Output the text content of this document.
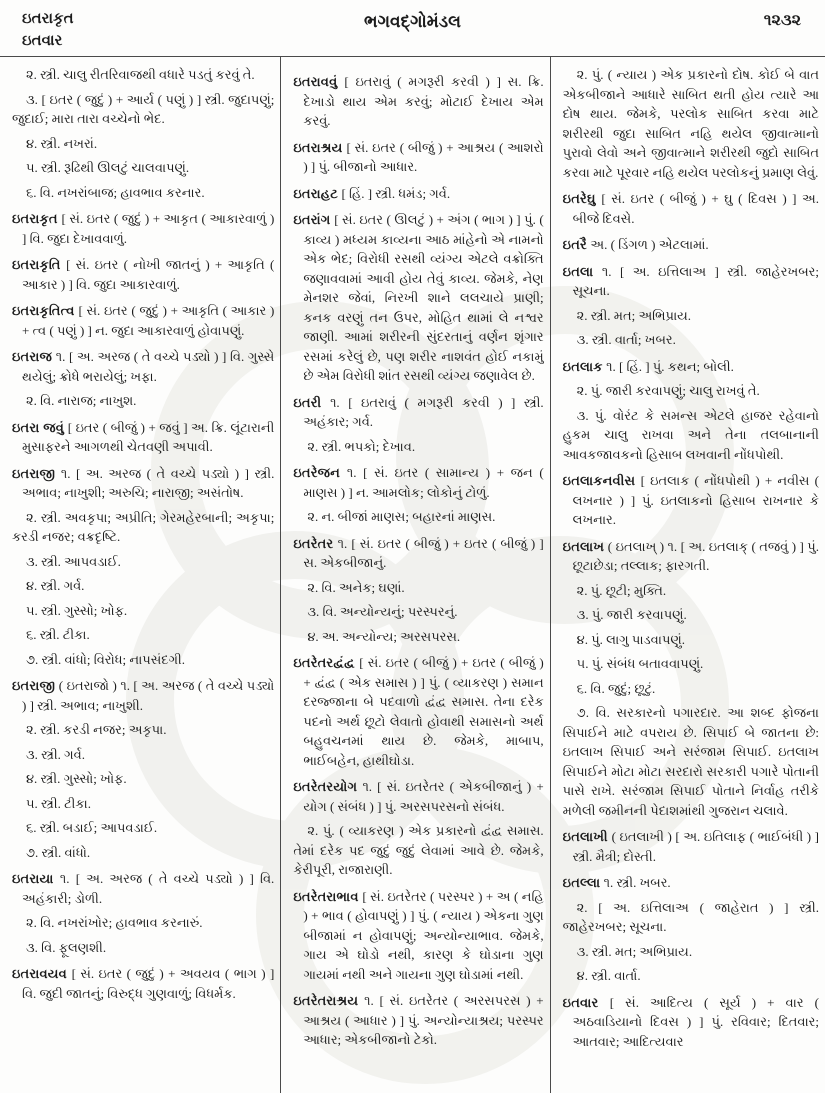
ઇતરાકૃત
ઇતવાર
ભગવદ્ગોમંડલ	૧૨૩૨

૨. સ્ત્રી. ચાલુ રીતરિવાજથી વધારે પડતું કરવું તે.

૩. [ ઇતર ( જુદું ) + આર્ય ( પણું ) ] સ્ત્રી. જુદાપણું; જુદાઈ; મારા તારા વચ્ચેનો ભેદ.

૪. સ્ત્રી. નખરાં.

૫. સ્ત્રી. રૂઢિથી ઊલટું ચાલવાપણું.

૬. વિ. નખરાંબાજ; હાવભાવ કરનાર.

ઇતરાકૃત [ સં. ઇતર ( જુદું ) + આકૃત ( આકારવાળું ) ] વિ. જુદા દેખાવવાળું.

ઇતરાકૃતિ [ સં. ઇતર ( નોખી જાતનું ) + આકૃતિ ( આકાર ) ] વિ. જુદા આકારવાળું.

ઇતરાકૃતિત્વ [ સં. ઇતર ( જુદું ) + આકૃતિ ( આકાર ) + ત્વ ( પણું ) ] ન. જુદા આકારવાળું હોવાપણું.

ઇતરાજ ૧. [ અ. અરજ ( તે વચ્ચે પડ્યો ) ] વિ. ગુસ્સે થયેલું; ક્રોધે ભરાયેલું; ખફા.

૨. વિ. નારાજ; નાખુશ.

ઇતરા જવું [ ઇતર ( બીજું ) + જવું ] અ. ક્રિ. લૂંટારાની મુસાફરને આગળથી ચેતવણી અપાવી.

ઇતરાજી ૧. [ અ. અરજ ( તે વચ્ચે પડ્યો ) ] સ્ત્રી. અભાવ; નાખુશી; અરુચિ; નારાજી; અસંતોષ.

૨. સ્ત્રી. અવકૃપા; અપ્રીતિ; ગેરમહેરબાની; અકૃપા; કરડી નજર; વક્રદૃષ્ટિ.

૩. સ્ત્રી. આપવડાઈ.

૪. સ્ત્રી. ગર્વ.

૫. સ્ત્રી. ગુસ્સો; ખોફ.

૬. સ્ત્રી. ટીકા.

૭. સ્ત્રી. વાંધો; વિરોધ; નાપસંદગી.

ઇતરાજી ( ઇતરાજો ) ૧. [ અ. અરજ ( તે વચ્ચે પડ્યો ) ] સ્ત્રી. અભાવ; નાખુશી.

૨. સ્ત્રી. કરડી નજર; અકૃપા.

૩. સ્ત્રી. ગર્વ.

૪. સ્ત્રી. ગુસ્સો; ખોફ.

૫. સ્ત્રી. ટીકા.

૬. સ્ત્રી. બડાઈ; આપવડાઈ.

૭. સ્ત્રી. વાંધો.

ઇતરાયા ૧. [ અ. અરજ ( તે વચ્ચે પડ્યો ) ] વિ. અહંકારી; ડોળી.

૨. વિ. નખરાંખોર; હાવભાવ કરનારું.

૩. વિ. ફૂલણશી.

ઇતરાવયવ [ સં. ઇતર ( જુદું ) + અવયવ ( ભાગ ) ] વિ. જુદી જાતનું; વિરુદ્ધ ગુણવાળું; વિધર્મક.

ઇતરાવવું [ ઇતરાવું ( મગરૂરી કરવી ) ] સ. ક્રિ. દેખાડો થાય એમ કરવું; મોટાઈ દેખાય એમ કરવું.

ઇતરાશ્રય [ સં. ઇતર ( બીજું ) + આશ્રય ( આશરો ) ] પું. બીજાનો આધાર.

ઇતરાહટ [ હિં. ] સ્ત્રી. ધમંડ; ગર્વ.

ઇતરાંગ [ સં. ઇતર ( ઊલટું ) + અંગ ( ભાગ ) ] પું. ( કાવ્ય ) મધ્યમ કાવ્યના આઠ માંહેનો એ નામનો એક ભેદ; વિરોધી રસથી વ્યંગ્ય એટલે વક્રોક્તિ જણાવવામાં આવી હોય તેવું કાવ્ય. જેમકે, નેણ મેનશર જેવાં, નિરખી શાને લલચાયે પ્રાણી; કનક વરણું તન ઉપર, મોહિત થામાં લે નશ્વર જાણી. આમાં શરીરની સુંદરતાનું વર્ણન શૃંગાર રસમાં કરેલું છે, પણ શરીર નાશવંત હોઈ નકામું છે એમ વિરોધી શાંત રસથી વ્યંગ્ય જણાવેલ છે.

ઇતરી ૧. [ ઇતરાવું ( મગરૂરી કરવી ) ] સ્ત્રી. અહંકાર; ગર્વ.

૨. સ્ત્રી. ભપકો; દેખાવ.

ઇતરેજન ૧. [ સં. ઇતર ( સામાન્ય ) + જન ( માણસ ) ] ન. આમલોક; લોકોનું ટોળું.

૨. ન. બીજાં માણસ; બહારનાં માણસ.

ઇતરેતર ૧. [ સં. ઇતર ( બીજું ) + ઇતર ( બીજું ) ] સ. એકબીજાનું.

૨. વિ. અનેક; ઘણાં.

૩. વિ. અન્યોન્યનું; પરસ્પરનું.

૪. અ. અન્યોન્ય; અરસપરસ.

ઇતરેતરદ્વંદ્વ [ સં. ઇતર ( બીજું ) + ઇતર ( બીજું ) + દ્વંદ્વ ( એક સમાસ ) ] પું. ( વ્યાકરણ ) સમાન દરજ્જાના બે પદવાળો દ્વંદ્વ સમાસ. તેના દરેક પદનો અર્થ છૂટો લેવાતો હોવાથી સમાસનો અર્થ બહુવચનમાં થાય છે. જેમકે, માબાપ, ભાઈબહેન, હાથીઘોડા.

ઇતરેતરયોગ ૧. [ સં. ઇતરેતર ( એકબીજાનું ) + યોગ ( સંબંધ ) ] પું. અરસપરસનો સંબંધ.

૨. પું. ( વ્યાકરણ ) એક પ્રકારનો દ્વંદ્વ સમાસ. તેમાં દરેક પદ જુદું જુદું લેવામાં આવે છે. જેમકે, કેરીપૂરી, રાજારાણી.

ઇતરેતરાભાવ [ સં. ઇતરેતર ( પરસ્પર ) + અ ( નહિ ) + ભાવ ( હોવાપણું ) ] પું. ( ન્યાય ) એકના ગુણ બીજામાં ન હોવાપણું; અન્યોન્યાભાવ. જેમકે, ગાય એ ઘોડો નથી, કારણ કે ઘોડાના ગુણ ગાયમાં નથી અને ગાયના ગુણ ઘોડામાં નથી.

ઇતરેતરાશ્રય ૧. [ સં. ઇતરેતર ( અરસપરસ ) + આશ્રય ( આધાર ) ] પું. અન્યોન્યાશ્રય; પરસ્પર આધાર; એકબીજાનો ટેકો.

૨. પું. ( ન્યાય ) એક પ્રકારનો દોષ. કોઈ બે વાત એકબીજાને આધારે સાબિત થતી હોય ત્યારે આ દોષ થાય. જેમકે, પરલોક સાબિત કરવા માટે શરીરથી જુદા સાબિત નહિ થયેલ જીવાત્માનો પુરાવો લેવો અને જીવાત્માને શરીરથી જુદો સાબિત કરવા માટે પૂરવાર નહિ થયેલ પરલોકનું પ્રમાણ લેવું.

ઇતરેઘુ [ સં. ઇતર ( બીજું ) + ઘુ ( દિવસ ) ] અ. બીજે દિવસે.

ઇતરૈ અ. ( ડિંગળ ) એટલામાં.

ઇતલા ૧. [ અ. ઇત્તિલાઅ ] સ્ત્રી. જાહેરખબર; સૂચના.

૨. સ્ત્રી. મત; અભિપ્રાય.

૩. સ્ત્રી. વાર્તા; ખબર.

ઇતલાક ૧. [ હિં. ] પું. કથન; બોલી.

૨. પું. જારી કરવાપણું; ચાલુ રાખવું તે.

૩. પું. વોરંટ કે સમન્સ એટલે હાજર રહેવાનો હુકમ ચાલુ રાખવા અને તેના તલબાનાની આવકજાવકનો હિસાબ લખવાની નોંધપોથી.

ઇતલાકનવીસ [ ઇતલાક ( નોંધપોથી ) + નવીસ ( લખનાર ) ] પું. ઇતલાકનો હિસાબ રાખનાર કે લખનાર.

ઇતલાખ ( ઇતલાખ્ ) ૧. [ અ. ઇતલાક્ ( તજવું ) ] પું. છૂટાછેડા; તલ્લાક; ફારગતી.

૨. પું. છૂટી; મુક્તિ.

૩. પું. જારી કરવાપણું.

૪. પું. લાગુ પાડવાપણું.

૫. પું. સંબંધ બતાવવાપણું.

૬. વિ. જુદું; છૂટું.

૭. વિ. સરકારનો પગારદાર. આ શબ્દ ફોજના સિપાઈને માટે વપરાય છે. સિપાઈ બે જાતના છે: ઇતલાખ સિપાઈ અને સરંજામ સિપાઈ. ઇતલાખ સિપાઈને મોટા મોટા સરદારો સરકારી પગારે પોતાની પાસે રાખે. સરંજામ સિપાઈ પોતાને નિર્વાહ તરીકે મળેલી જમીનની પેદાશમાંથી ગુજરાન ચલાવે.

ઇતલાખી ( ઇતલાખી ) [ અ. ઇતિલાફ ( ભાઈબંધી ) ] સ્ત્રી. મૈત્રી; દોસ્તી.

ઇતલ્લા ૧. સ્ત્રી. ખબર.

૨. [ અ. ઇત્તિલાઅ ( જાહેરાત ) ] સ્ત્રી. જાહેરખબર; સૂચના.

૩. સ્ત્રી. મત; અભિપ્રાય.

૪. સ્ત્રી. વાર્તા.

ઇતવાર [ સં. આદિત્ય ( સૂર્ય ) + વાર ( અઠવાડિયાનો દિવસ ) ] પું. રવિવાર; દિતવાર; આતવાર; આદિત્યવાર
